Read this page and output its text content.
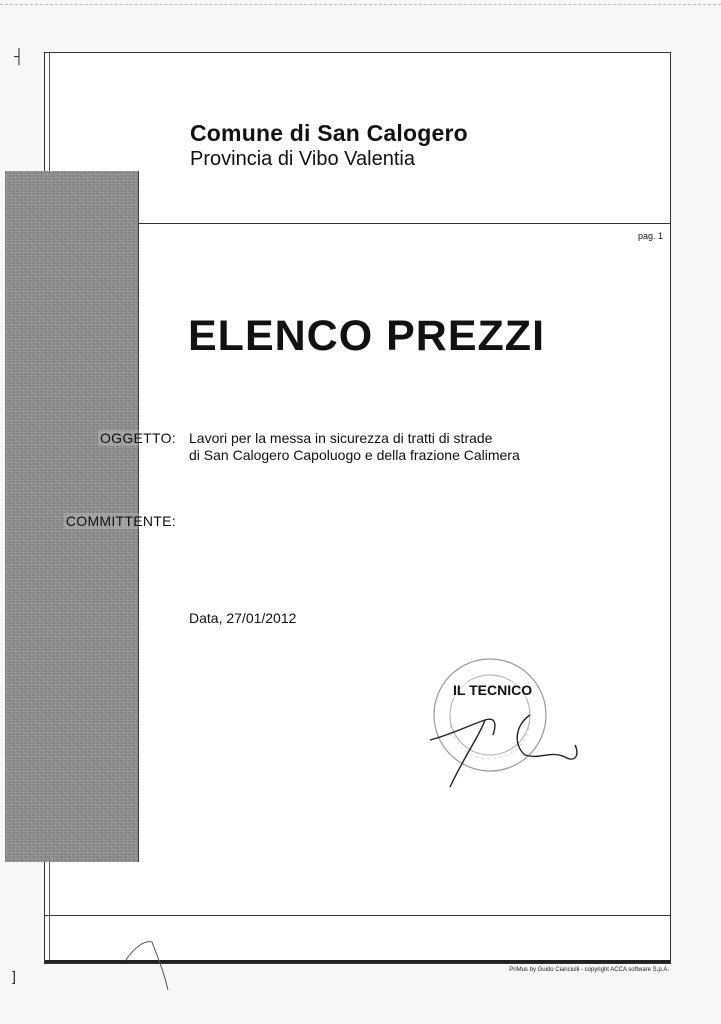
┤
]
Comune di San Calogero
Provincia di Vibo Valentia
pag. 1
ELENCO PREZZI
OGGETTO: Lavori per la messa in sicurezza di tratti di strade
di San Calogero Capoluogo e della frazione Calimera
COMMITTENTE:
Data, 27/01/2012
IL TECNICO
PriMus by Guido Cianciulli - copyright ACCA software S.p.A.
